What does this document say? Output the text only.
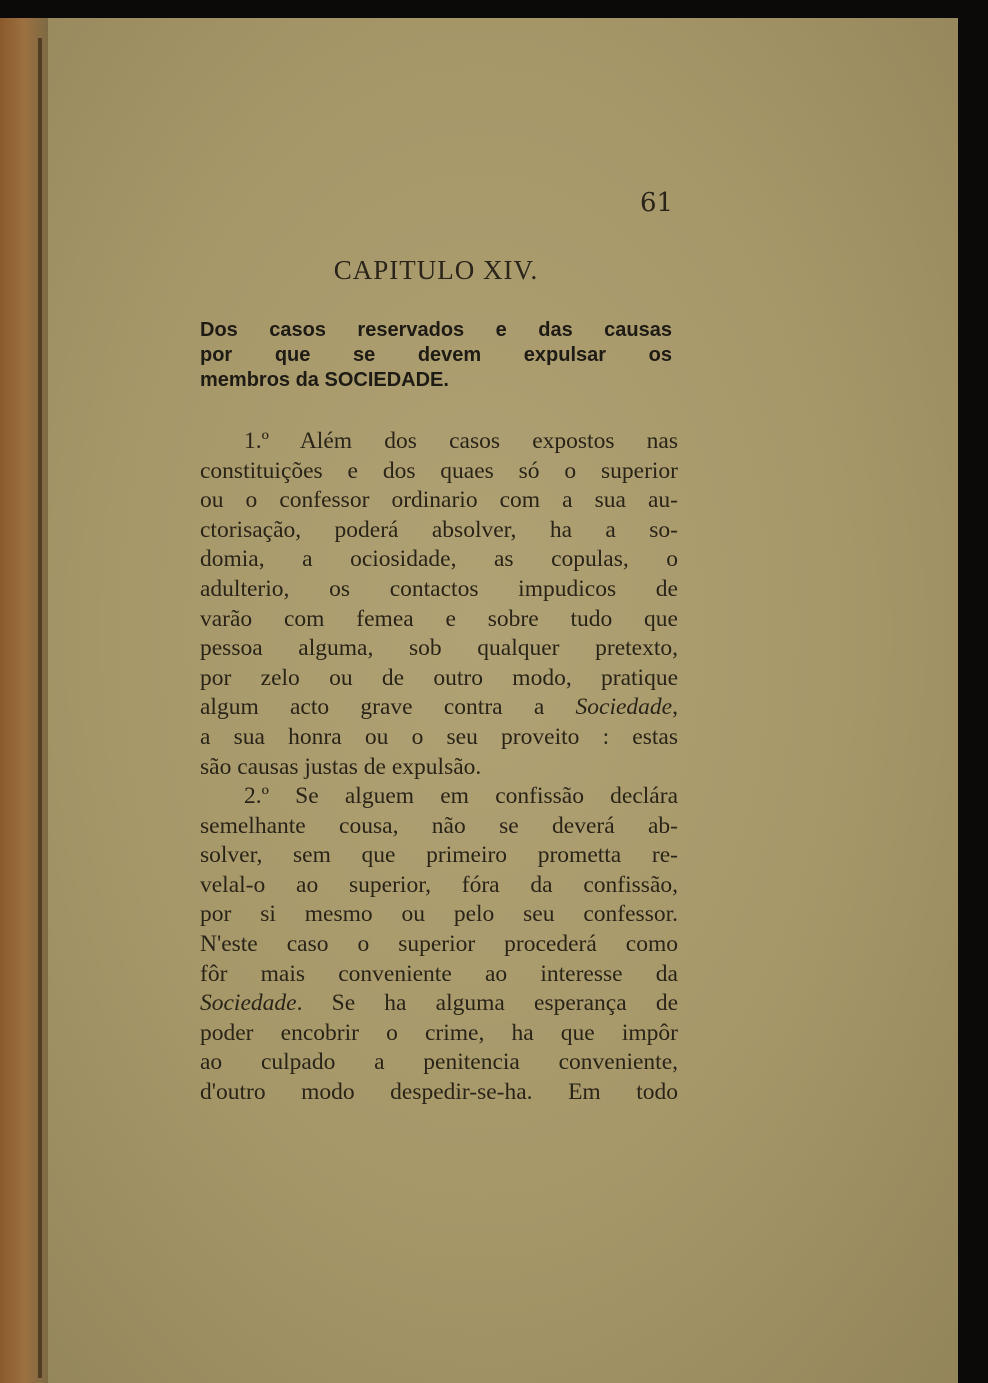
61
CAPITULO XIV.
Dos casos reservados e das causas
por que se devem expulsar os
membros da SOCIEDADE.
1.º Além dos casos expostos nas
constituições e dos quaes só o superior
ou o confessor ordinario com a sua au-
ctorisação, poderá absolver, ha a so-
domia, a ociosidade, as copulas, o
adulterio, os contactos impudicos de
varão com femea e sobre tudo que
pessoa alguma, sob qualquer pretexto,
por zelo ou de outro modo, pratique
algum acto grave contra a Sociedade,
a sua honra ou o seu proveito : estas
são causas justas de expulsão.
2.º Se alguem em confissão declára
semelhante cousa, não se deverá ab-
solver, sem que primeiro prometta re-
velal-o ao superior, fóra da confissão,
por si mesmo ou pelo seu confessor.
N'este caso o superior procederá como
fôr mais conveniente ao interesse da
Sociedade. Se ha alguma esperança de
poder encobrir o crime, ha que impôr
ao culpado a penitencia conveniente,
d'outro modo despedir-se-ha. Em todo
